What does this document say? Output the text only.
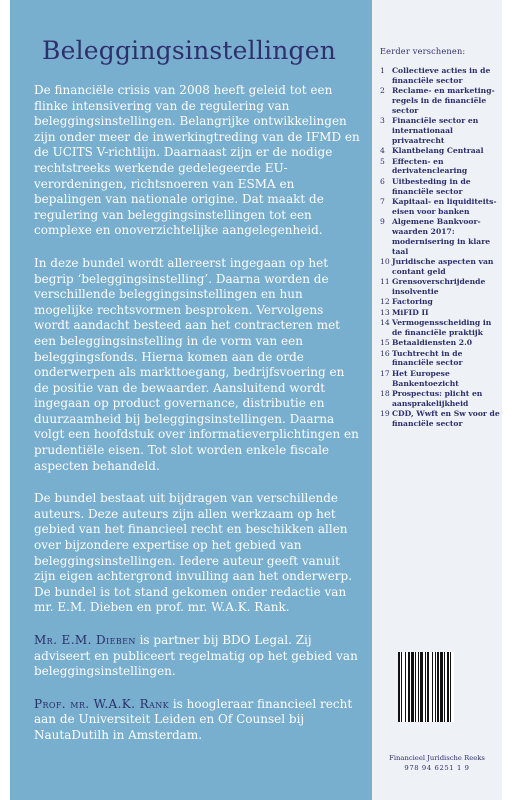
Beleggingsinstellingen

De financiële crisis van 2008 heeft geleid tot een flinke intensivering van de regulering van beleggingsinstellingen. Belangrijke ontwikkelingen zijn onder meer de inwerkingtreding van de IFMD en de UCITS V-richtlijn. Daarnaast zijn er de nodige rechtstreeks werkende gedelegeerde EU-verordeningen, richtsnoeren van ESMA en bepalingen van nationale origine. Dat maakt de regulering van beleggingsinstellingen tot een complexe en onoverzichtelijke aangelegenheid.

In deze bundel wordt allereerst ingegaan op het begrip ‘beleggingsinstelling’. Daarna worden de verschillende beleggingsinstellingen en hun mogelijke rechtsvormen besproken. Vervolgens wordt aandacht besteed aan het contracteren met een beleggingsinstelling in de vorm van een beleggingsfonds. Hierna komen aan de orde onderwerpen als markttoegang, bedrijfsvoering en de positie van de bewaarder. Aansluitend wordt ingegaan op product governance, distributie en duurzaamheid bij beleggingsinstellingen. Daarna volgt een hoofdstuk over informatieverplichtingen en prudentiële eisen. Tot slot worden enkele fiscale aspecten behandeld.

De bundel bestaat uit bijdragen van verschillende auteurs. Deze auteurs zijn allen werkzaam op het gebied van het financieel recht en beschikken allen over bijzondere expertise op het gebied van beleggingsinstellingen. Iedere auteur geeft vanuit zijn eigen achtergrond invulling aan het onderwerp. De bundel is tot stand gekomen onder redactie van mr. E.M. Dieben en prof. mr. W.A.K. Rank.

Mr. E.M. Dieben is partner bij BDO Legal. Zij adviseert en publiceert regelmatig op het gebied van beleggingsinstellingen.

Prof. mr. W.A.K. Rank is hoogleraar financieel recht aan de Universiteit Leiden en Of Counsel bij NautaDutilh in Amsterdam.

Eerder verschenen:
1 Collectieve acties in de financiële sector
2 Reclame- en marketing-regels in de financiële sector
3 Financiële sector en internationaal privaatrecht
4 Klantbelang Centraal
5 Effecten- en derivatenclearing
6 Uitbesteding in de financiële sector
7 Kapitaal- en liquiditeits-eisen voor banken
9 Algemene Bankvoor-waarden 2017: modernisering in klare taal
10 Juridische aspecten van contant geld
11 Grensoverschrijdende insolventie
12 Factoring
13 MiFID II
14 Vermogensscheiding in de financiële praktijk
15 Betaaldiensten 2.0
16 Tuchtrecht in de financiële sector
17 Het Europese Bankentoezicht
18 Prospectus: plicht en aansprakelijkheid
19 CDD, Wwft en Sw voor de financiële sector
Financieel Juridische Reeks
978 94 6251 1 9
